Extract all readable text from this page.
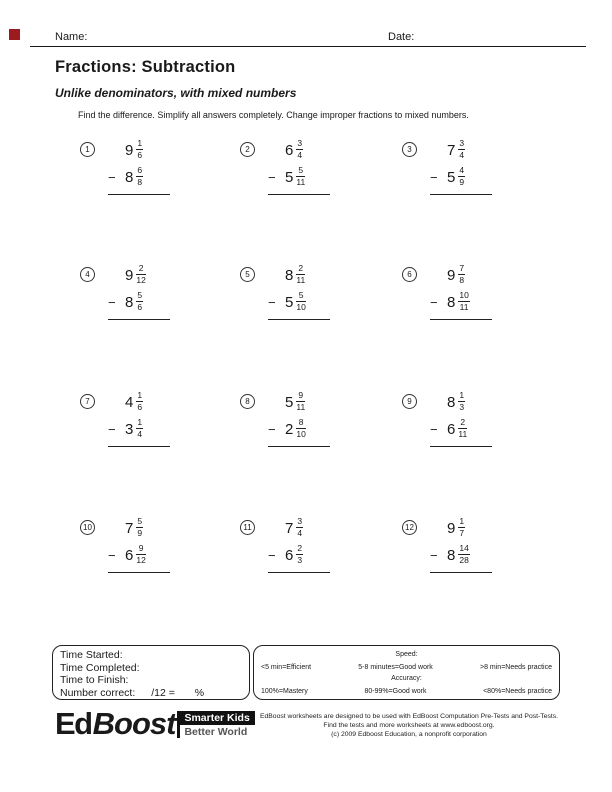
Name:	Date:
Fractions: Subtraction
Unlike denominators, with mixed numbers
Find the difference. Simplify all answers completely. Change improper fractions to mixed numbers.
1 $9 \frac{1}{6}$
− $8 \frac{6}{8}$
2 $6 \frac{3}{4}$
− $5 \frac{5}{11}$
3 $7 \frac{3}{4}$
− $5 \frac{4}{9}$
4 $9 \frac{2}{12}$
− $8 \frac{5}{6}$
5 $8 \frac{2}{11}$
− $5 \frac{5}{10}$
6 $9 \frac{7}{8}$
− $8 \frac{10}{11}$
7 $4 \frac{1}{6}$
− $3 \frac{1}{4}$
8 $5 \frac{9}{11}$
− $2 \frac{8}{10}$
9 $8 \frac{1}{3}$
− $6 \frac{2}{11}$
10 $7 \frac{5}{9}$
− $6 \frac{9}{12}$
11 $7 \frac{3}{4}$
− $6 \frac{2}{3}$
12 $9 \frac{1}{7}$
− $8 \frac{14}{28}$
Time Started:
Time Completed:
Time to Finish:
Number correct: /12 = %
Speed:
<5 min=Efficient	5-8 minutes=Good work	>8 min=Needs practice
Accuracy:
100%=Mastery	80-99%=Good work	<80%=Needs practice
Ed Boost Smarter Kids
Better World
EdBoost worksheets are designed to be used with EdBoost Computation Pre-Tests and Post-Tests.
Find the tests and more worksheets at www.edboost.org.
(c) 2009 Edboost Education, a nonprofit corporation
